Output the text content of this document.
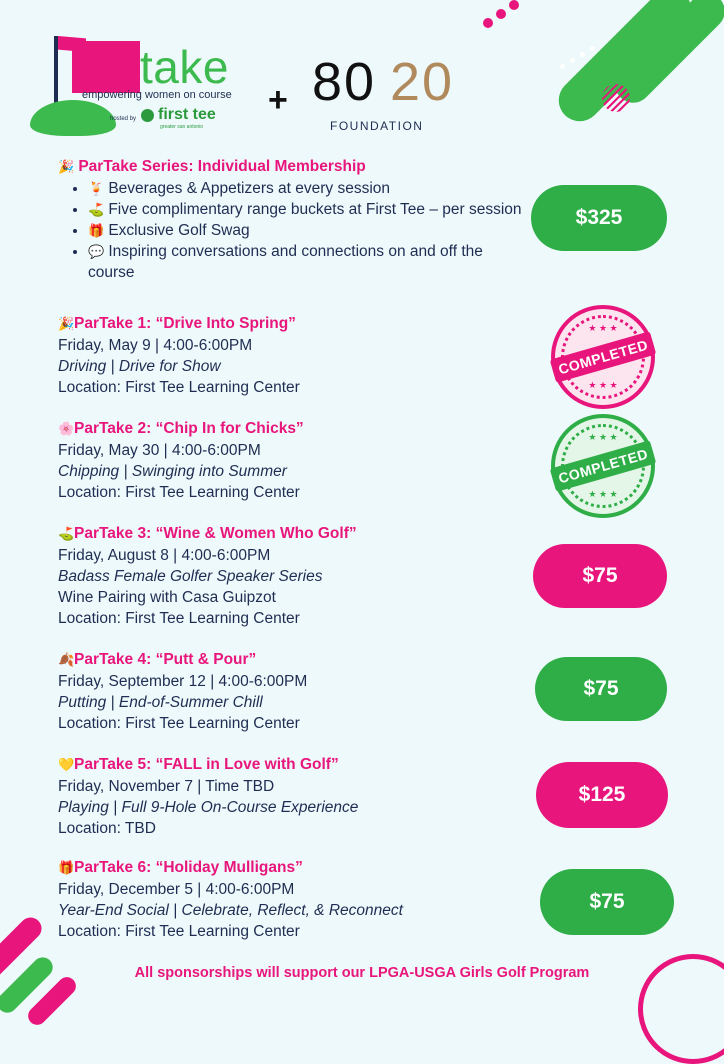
partake
empowering women on course
hosted by first tee
greater san antonio
+ 80 20
FOUNDATION
🎉 ParTake Series: Individual Membership
• 🍹 Beverages & Appetizers at every session
• ⛳ Five complimentary range buckets at First Tee – per session
• 🎁 Exclusive Golf Swag
• 💬 Inspiring conversations and connections on and off the course
$325
🎉ParTake 1: “Drive Into Spring”
Friday, May 9 | 4:00-6:00PM
Driving | Drive for Show
Location: First Tee Learning Center
★ ★ ★
★ ★ ★
COMPLETED
🌸ParTake 2: “Chip In for Chicks”
Friday, May 30 | 4:00-6:00PM
Chipping | Swinging into Summer
Location: First Tee Learning Center
★ ★ ★
★ ★ ★
COMPLETED
⛳ParTake 3: “Wine & Women Who Golf”
Friday, August 8 | 4:00-6:00PM
Badass Female Golfer Speaker Series
Wine Pairing with Casa Guipzot
Location: First Tee Learning Center
$75
🍂ParTake 4: “Putt & Pour”
Friday, September 12 | 4:00-6:00PM
Putting | End-of-Summer Chill
Location: First Tee Learning Center
$75
💛ParTake 5: “FALL in Love with Golf”
Friday, November 7 | Time TBD
Playing | Full 9-Hole On-Course Experience
Location: TBD
$125
🎁ParTake 6: “Holiday Mulligans”
Friday, December 5 | 4:00-6:00PM
Year-End Social | Celebrate, Reflect, & Reconnect
Location: First Tee Learning Center
$75
All sponsorships will support our LPGA-USGA Girls Golf Program
